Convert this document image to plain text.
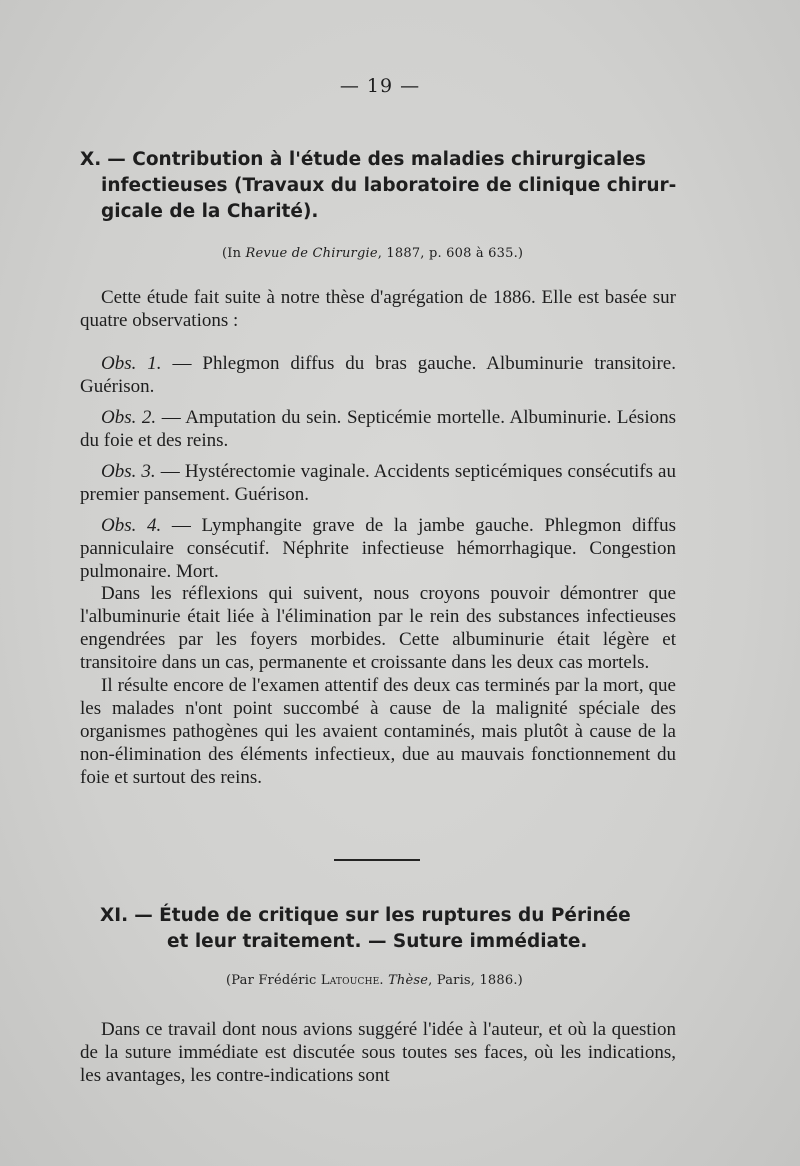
— 19 —
X. — Contribution à l'étude des maladies chirurgicales
infectieuses (Travaux du laboratoire de clinique chirur-
gicale de la Charité).
(In Revue de Chirurgie, 1887, p. 608 à 635.)

Cette étude fait suite à notre thèse d'agrégation de 1886. Elle est basée sur quatre observations :

Obs. 1. — Phlegmon diffus du bras gauche. Albuminurie transitoire. Guérison.

Obs. 2. — Amputation du sein. Septicémie mortelle. Albuminurie. Lésions du foie et des reins.

Obs. 3. — Hystérectomie vaginale. Accidents septicémiques consécutifs au premier pansement. Guérison.

Obs. 4. — Lymphangite grave de la jambe gauche. Phlegmon diffus panniculaire consécutif. Néphrite infectieuse hémorrhagique. Congestion pulmonaire. Mort.

Dans les réflexions qui suivent, nous croyons pouvoir démontrer que l'albuminurie était liée à l'élimination par le rein des substances infectieuses engendrées par les foyers morbides. Cette albuminurie était légère et transitoire dans un cas, permanente et croissante dans les deux cas mortels.

Il résulte encore de l'examen attentif des deux cas terminés par la mort, que les malades n'ont point succombé à cause de la malignité spéciale des organismes pathogènes qui les avaient contaminés, mais plutôt à cause de la non-élimination des éléments infectieux, due au mauvais fonctionnement du foie et surtout des reins.

XI. — Étude de critique sur les ruptures du Périnée
et leur traitement. — Suture immédiate.
(Par Frédéric Latouche. Thèse, Paris, 1886.)

Dans ce travail dont nous avions suggéré l'idée à l'auteur, et où la question de la suture immédiate est discutée sous toutes ses faces, où les indications, les avantages, les contre-indications sont
